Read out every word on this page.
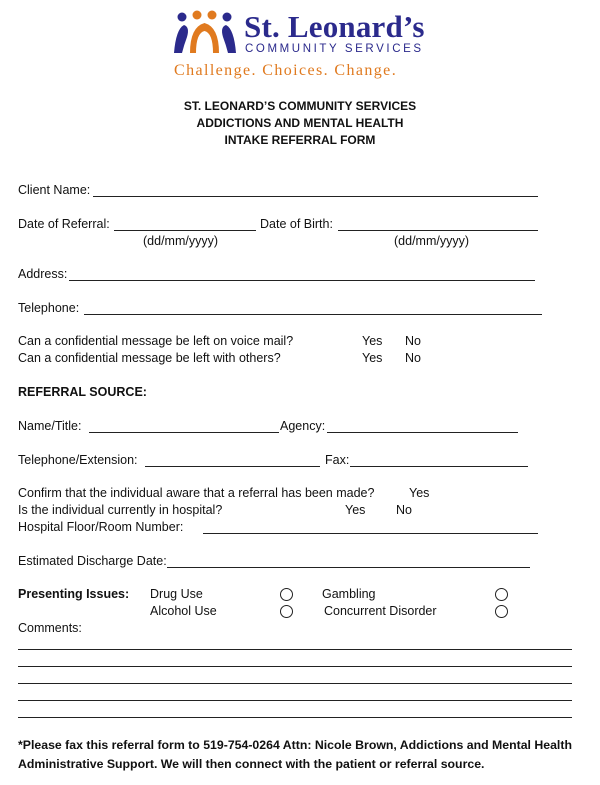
St. Leonard’s
COMMUNITY SERVICES
Challenge. Choices. Change.
ST. LEONARD’S COMMUNITY SERVICES
ADDICTIONS AND MENTAL HEALTH
INTAKE REFERRAL FORM
Client Name:
Date of Referral:	Date of Birth:
(dd/mm/yyyy)	(dd/mm/yyyy)
Address:
Telephone:
Can a confidential message be left on voice mail?	Yes No
Can a confidential message be left with others?	Yes No
REFERRAL SOURCE:
Name/Title:	Agency:
Telephone/Extension:	Fax:
Confirm that the individual aware that a referral has been made?	Yes
Is the individual currently in hospital?	Yes No
Hospital Floor/Room Number:
Estimated Discharge Date:
Presenting Issues: Drug Use	Gambling
Alcohol Use	Concurrent Disorder
Comments:
*Please fax this referral form to 519-754-0264 Attn: Nicole Brown, Addictions and Mental Health
Administrative Support. We will then connect with the patient or referral source.
